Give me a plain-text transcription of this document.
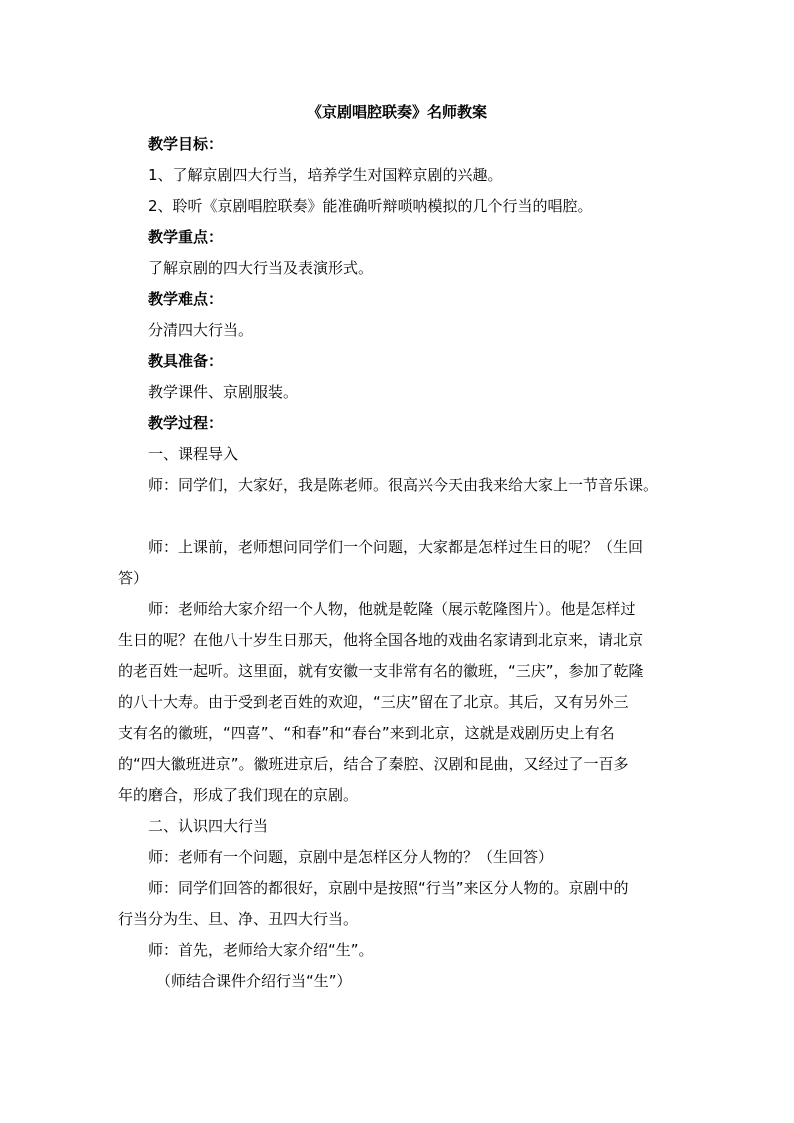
《京剧唱腔联奏》名师教案
教学目标：
1、了解京剧四大行当，培养学生对国粹京剧的兴趣。
2、聆听《京剧唱腔联奏》能准确听辩唢呐模拟的几个行当的唱腔。
教学重点：
了解京剧的四大行当及表演形式。
教学难点：
分清四大行当。
教具准备：
教学课件、京剧服装。
教学过程：
一、课程导入
师：同学们，大家好，我是陈老师。很高兴今天由我来给大家上一节音乐课。
师：上课前，老师想问同学们一个问题，大家都是怎样过生日的呢？（生回
答）
师：老师给大家介绍一个人物，他就是乾隆（展示乾隆图片）。他是怎样过
生日的呢？在他八十岁生日那天，他将全国各地的戏曲名家请到北京来，请北京
的老百姓一起听。这里面，就有安徽一支非常有名的徽班，“三庆”，参加了乾隆
的八十大寿。由于受到老百姓的欢迎，“三庆”留在了北京。其后，又有另外三
支有名的徽班，“四喜”、“和春”和“春台”来到北京，这就是戏剧历史上有名
的“四大徽班进京”。徽班进京后，结合了秦腔、汉剧和昆曲，又经过了一百多
年的磨合，形成了我们现在的京剧。
二、认识四大行当
师：老师有一个问题，京剧中是怎样区分人物的？（生回答）
师：同学们回答的都很好，京剧中是按照“行当”来区分人物的。京剧中的
行当分为生、旦、净、丑四大行当。
师：首先，老师给大家介绍“生”。
（师结合课件介绍行当“生”）
